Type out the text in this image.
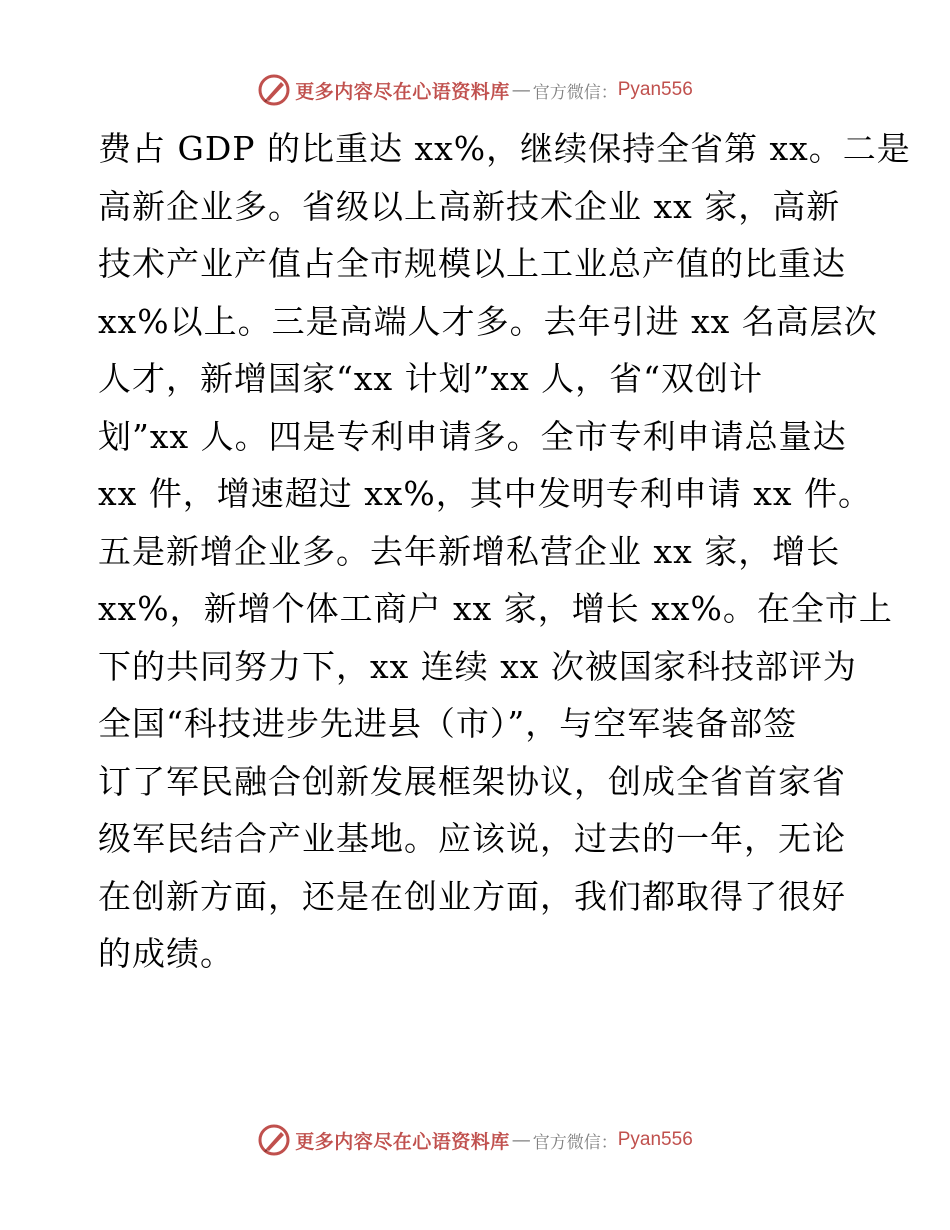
更多内容尽在心语资料库 — 官方微信： Pyan556
费占 GDP 的比重达 xx%，继续保持全省第 xx。二是
高新企业多。省级以上高新技术企业 xx 家，高新
技术产业产值占全市规模以上工业总产值的比重达
xx%以上。三是高端人才多。去年引进 xx 名高层次
人才，新增国家“xx 计划”xx 人，省“双创计
划”xx 人。四是专利申请多。全市专利申请总量达
xx 件，增速超过 xx%，其中发明专利申请 xx 件。
五是新增企业多。去年新增私营企业 xx 家，增长
xx%，新增个体工商户 xx 家，增长 xx%。在全市上
下的共同努力下，xx 连续 xx 次被国家科技部评为
全国“科技进步先进县（市）”，与空军装备部签
订了军民融合创新发展框架协议，创成全省首家省
级军民结合产业基地。应该说，过去的一年，无论
在创新方面，还是在创业方面，我们都取得了很好
的成绩。
更多内容尽在心语资料库 — 官方微信： Pyan556
